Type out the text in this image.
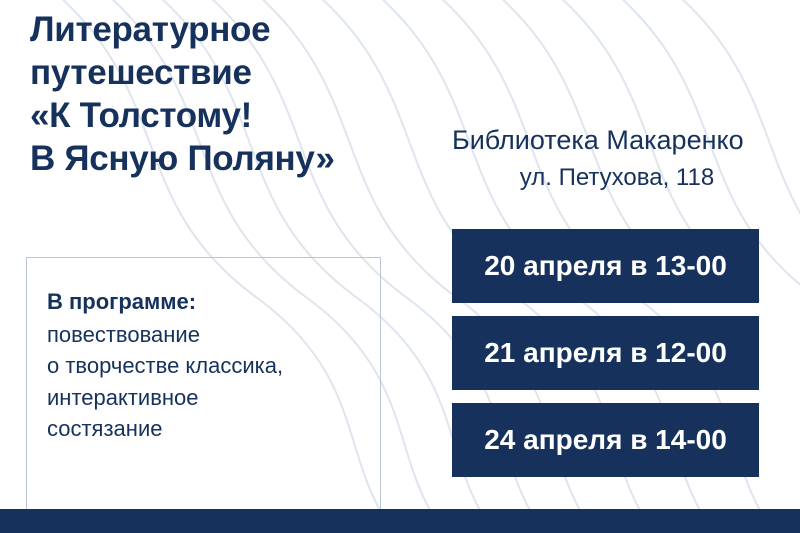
Литературное
путешествие
«К Толстому!
В Ясную Поляну»
В программе:
повествование
о творчестве классика,
интерактивное
состязание
Библиотека Макаренко
ул. Петухова, 118
20 апреля в 13-00
21 апреля в 12-00
24 апреля в 14-00
